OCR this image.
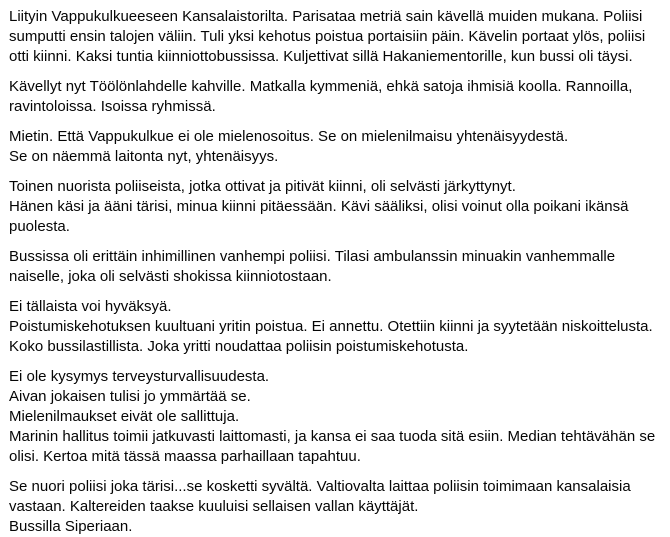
Liityin Vappukulkueeseen Kansalaistorilta. Parisataa metriä sain kävellä muiden mukana. Poliisi
sumputti ensin talojen väliin. Tuli yksi kehotus poistua portaisiin päin. Kävelin portaat ylös, poliisi
otti kiinni. Kaksi tuntia kiinniottobussissa. Kuljettivat sillä Hakaniementorille, kun bussi oli täysi.
Kävellyt nyt Töölönlahdelle kahville. Matkalla kymmeniä, ehkä satoja ihmisiä koolla. Rannoilla,
ravintoloissa. Isoissa ryhmissä.
Mietin. Että Vappukulkue ei ole mielenosoitus. Se on mielenilmaisu yhtenäisyydestä.
Se on näemmä laitonta nyt, yhtenäisyys.
Toinen nuorista poliiseista, jotka ottivat ja pitivät kiinni, oli selvästi järkyttynyt.
Hänen käsi ja ääni tärisi, minua kiinni pitäessään. Kävi sääliksi, olisi voinut olla poikani ikänsä
puolesta.
Bussissa oli erittäin inhimillinen vanhempi poliisi. Tilasi ambulanssin minuakin vanhemmalle
naiselle, joka oli selvästi shokissa kiinniotostaan.
Ei tällaista voi hyväksyä.
Poistumiskehotuksen kuultuani yritin poistua. Ei annettu. Otettiin kiinni ja syytetään niskoittelusta.
Koko bussilastillista. Joka yritti noudattaa poliisin poistumiskehotusta.
Ei ole kysymys terveysturvallisuudesta.
Aivan jokaisen tulisi jo ymmärtää se.
Mielenilmaukset eivät ole sallittuja.
Marinin hallitus toimii jatkuvasti laittomasti, ja kansa ei saa tuoda sitä esiin. Median tehtävähän se
olisi. Kertoa mitä tässä maassa parhaillaan tapahtuu.
Se nuori poliisi joka tärisi...se kosketti syvältä. Valtiovalta laittaa poliisin toimimaan kansalaisia
vastaan. Kaltereiden taakse kuuluisi sellaisen vallan käyttäjät.
Bussilla Siperiaan.
